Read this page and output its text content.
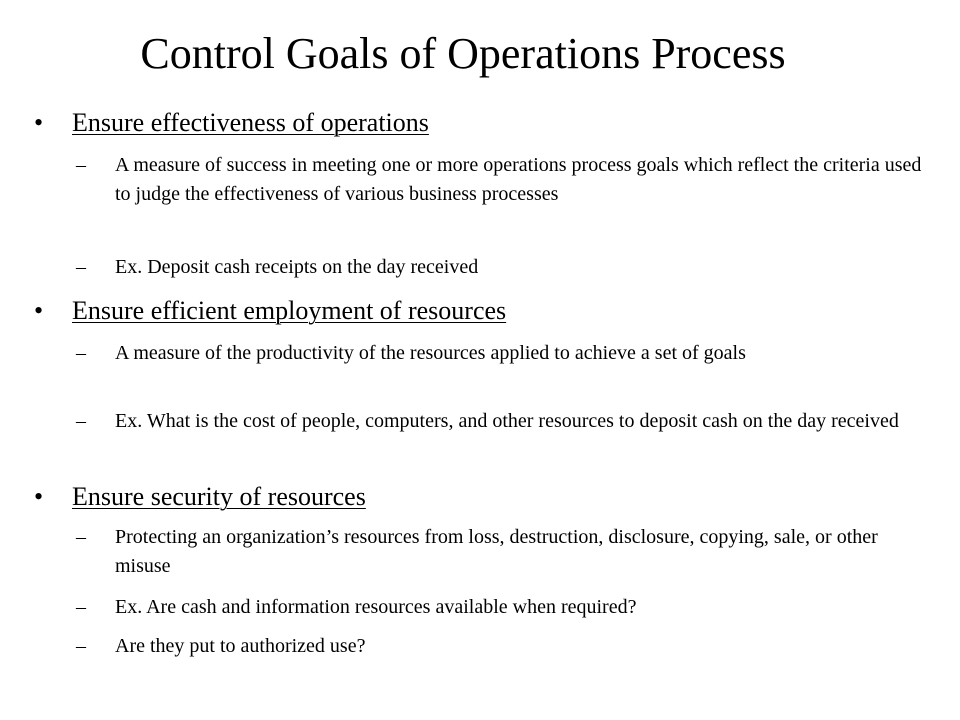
Control Goals of Operations Process
•	Ensure effectiveness of operations
–	A measure of success in meeting one or more operations process goals which reflect the criteria used to judge the effectiveness of various business processes
–	Ex. Deposit cash receipts on the day received
•	Ensure efficient employment of resources
–	A measure of the productivity of the resources applied to achieve a set of goals
–	Ex. What is the cost of people, computers, and other resources to deposit cash on the day received
•	Ensure security of resources
–	Protecting an organization’s resources from loss, destruction, disclosure, copying, sale, or other misuse
–	Ex. Are cash and information resources available when required?
–	Are they put to authorized use?
